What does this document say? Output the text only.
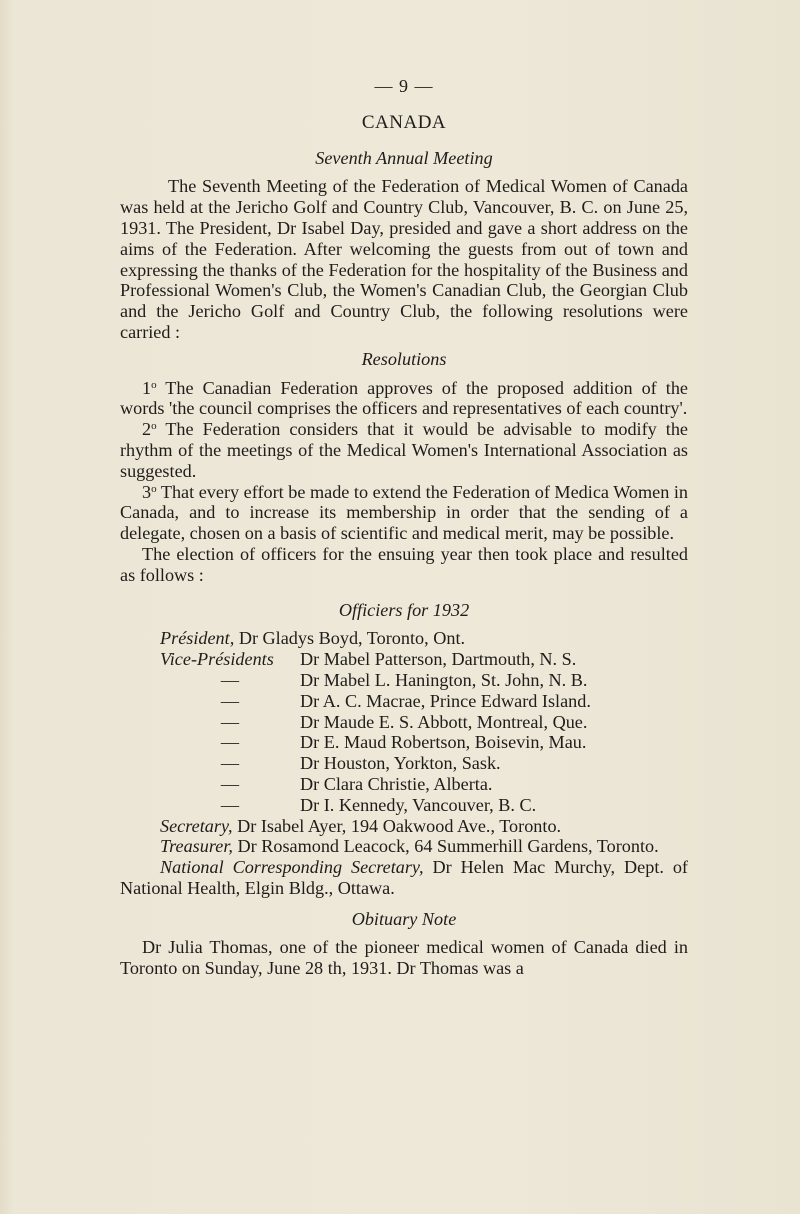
— 9 —
CANADA
Seventh Annual Meeting

The Seventh Meeting of the Federation of Medical Women of Canada was held at the Jericho Golf and Country Club, Vancouver, B. C. on June 25, 1931. The President, Dr Isabel Day, presided and gave a short address on the aims of the Federation. After welcoming the guests from out of town and expressing the thanks of the Federation for the hospitality of the Business and Professional Women's Club, the Women's Canadian Club, the Georgian Club and the Jericho Golf and Country Club, the following resolutions were carried :

Resolutions

1$^o$ The Canadian Federation approves of the proposed addition of the words 'the council comprises the officers and representatives of each country'.

2$^o$ The Federation considers that it would be advisable to modify the rhythm of the meetings of the Medical Women's International Association as suggested.

3$^o$ That every effort be made to extend the Federation of Medica Women in Canada, and to increase its membership in order that the sending of a delegate, chosen on a basis of scientific and medical merit, may be possible.

The election of officers for the ensuing year then took place and resulted as follows :

Officiers for 1932
Président, Dr Gladys Boyd, Toronto, Ont.
Vice-Présidents	Dr Mabel Patterson, Dartmouth, N. S.
—	Dr Mabel L. Hanington, St. John, N. B.
—	Dr A. C. Macrae, Prince Edward Island.
—	Dr Maude E. S. Abbott, Montreal, Que.
—	Dr E. Maud Robertson, Boisevin, Mau.
—	Dr Houston, Yorkton, Sask.
—	Dr Clara Christie, Alberta.
—	Dr I. Kennedy, Vancouver, B. C.
Secretary, Dr Isabel Ayer, 194 Oakwood Ave., Toronto.

Treasurer, Dr Rosamond Leacock, 64 Summerhill Gardens, Toronto.

National Corresponding Secretary, Dr Helen Mac Murchy, Dept. of National Health, Elgin Bldg., Ottawa.

Obituary Note

Dr Julia Thomas, one of the pioneer medical women of Canada died in Toronto on Sunday, June 28 th, 1931. Dr Thomas was a
